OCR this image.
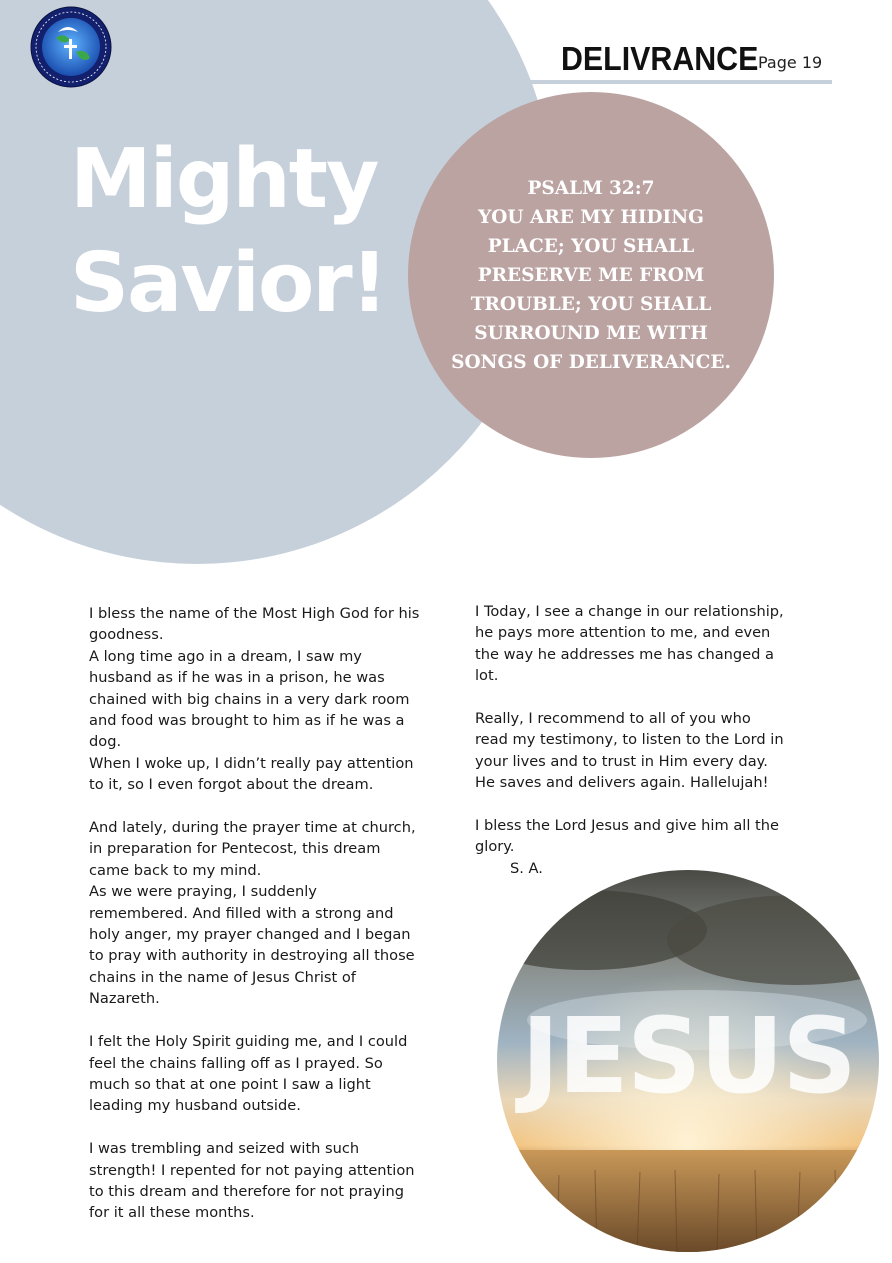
DELIVRANCE Page 19
Mighty
Savior!
PSALM 32:7
YOU ARE MY HIDING
PLACE; YOU SHALL
PRESERVE ME FROM
TROUBLE; YOU SHALL
SURROUND ME WITH
SONGS OF DELIVERANCE.

I bless the name of the Most High God for his

goodness.

A long time ago in a dream, I saw my

husband as if he was in a prison, he was

chained with big chains in a very dark room

and food was brought to him as if he was a

dog.

When I woke up, I didn’t really pay attention

to it, so I even forgot about the dream.

And lately, during the prayer time at church,

in preparation for Pentecost, this dream

came back to my mind.

As we were praying, I suddenly

remembered. And filled with a strong and

holy anger, my prayer changed and I began

to pray with authority in destroying all those

chains in the name of Jesus Christ of

Nazareth.

I felt the Holy Spirit guiding me, and I could

feel the chains falling off as I prayed. So

much so that at one point I saw a light

leading my husband outside.

I was trembling and seized with such

strength! I repented for not paying attention

to this dream and therefore for not praying

for it all these months.

I Today, I see a change in our relationship,

he pays more attention to me, and even

the way he addresses me has changed a

lot.

Really, I recommend to all of you who

read my testimony, to listen to the Lord in

your lives and to trust in Him every day.

He saves and delivers again. Hallelujah!

I bless the Lord Jesus and give him all the

glory.

S. A.

JESUS
